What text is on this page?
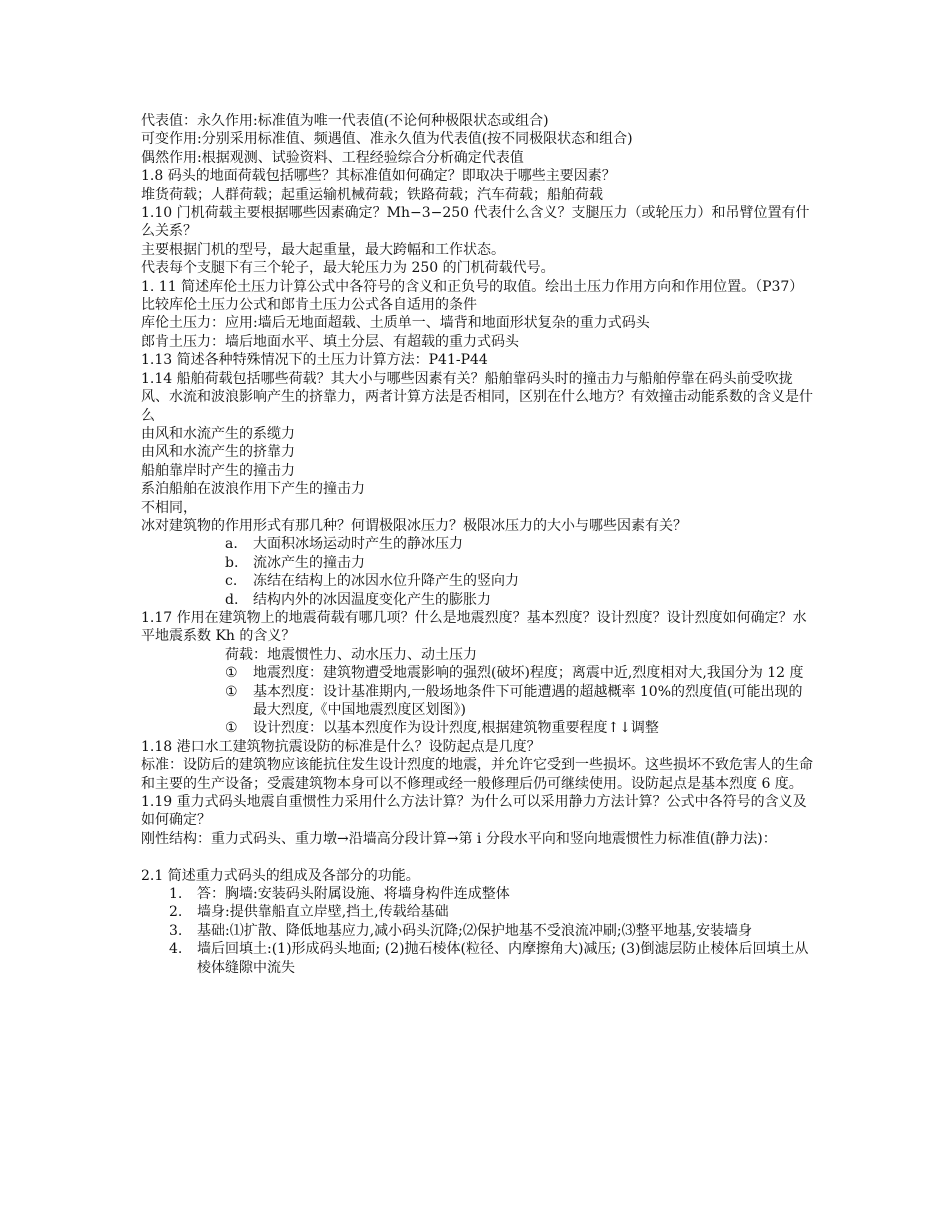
代表值：永久作用:标准值为唯一代表值(不论何种极限状态或组合)

可变作用:分别采用标准值、频遇值、准永久值为代表值(按不同极限状态和组合)

偶然作用:根据观测、试验资料、工程经验综合分析确定代表值

1.8 码头的地面荷载包括哪些？其标准值如何确定？即取决于哪些主要因素？

堆货荷载；人群荷载；起重运输机械荷载；铁路荷载；汽车荷载；船舶荷载

1.10 门机荷载主要根据哪些因素确定？Mh−3−250 代表什么含义？支腿压力（或轮压力）和吊臂位置有什么关系？

主要根据门机的型号，最大起重量，最大跨幅和工作状态。

代表每个支腿下有三个轮子，最大轮压力为 250 的门机荷载代号。

1. 11 简述库伦土压力计算公式中各符号的含义和正负号的取值。绘出土压力作用方向和作用位置。（P37）比较库伦土压力公式和郎肯土压力公式各自适用的条件

库伦土压力：应用:墙后无地面超载、土质单一、墙背和地面形状复杂的重力式码头

郎肯土压力：墙后地面水平、填土分层、有超载的重力式码头

1.13 简述各种特殊情况下的土压力计算方法：P41-P44

1.14 船舶荷载包括哪些荷载？其大小与哪些因素有关？船舶靠码头时的撞击力与船舶停靠在码头前受吹拢风、水流和波浪影响产生的挤靠力，两者计算方法是否相同，区别在什么地方？有效撞击动能系数的含义是什么

由风和水流产生的系缆力

由风和水流产生的挤靠力

船舶靠岸时产生的撞击力

系泊船舶在波浪作用下产生的撞击力

不相同，

冰对建筑物的作用形式有那几种？何谓极限冰压力？极限冰压力的大小与哪些因素有关？

a.	大面积冰场运动时产生的静冰压力
b.	流冰产生的撞击力
c.	冻结在结构上的冰因水位升降产生的竖向力
d.	结构内外的冰因温度变化产生的膨胀力

1.17 作用在建筑物上的地震荷载有哪几项？什么是地震烈度？基本烈度？设计烈度？设计烈度如何确定？水平地震系数 Kh 的含义？

荷载：地震惯性力、动水压力、动土压力

①	地震烈度：建筑物遭受地震影响的强烈(破坏)程度；离震中近,烈度相对大,我国分为 12 度
①	基本烈度：设计基准期内,一般场地条件下可能遭遇的超越概率 10%的烈度值(可能出现的最大烈度,《中国地震烈度区划图》)
①	设计烈度：以基本烈度作为设计烈度,根据建筑物重要程度↑↓调整

1.18 港口水工建筑物抗震设防的标准是什么？设防起点是几度？

标准：设防后的建筑物应该能抗住发生设计烈度的地震，并允许它受到一些损坏。这些损坏不致危害人的生命和主要的生产设备；受震建筑物本身可以不修理或经一般修理后仍可继续使用。设防起点是基本烈度 6 度。

1.19 重力式码头地震自重惯性力采用什么方法计算？为什么可以采用静力方法计算？公式中各符号的含义及如何确定？

刚性结构：重力式码头、重力墩→沿墙高分段计算→第 i 分段水平向和竖向地震惯性力标准值(静力法)：

2.1 简述重力式码头的组成及各部分的功能。

1.	答：胸墙:安装码头附属设施、将墙身构件连成整体
2.	墙身:提供靠船直立岸壁,挡土,传载给基础
3.	基础:⑴扩散、降低地基应力,减小码头沉降;⑵保护地基不受浪流冲刷;⑶整平地基,安装墙身
4.	墙后回填土:(1)形成码头地面; (2)抛石棱体(粒径、内摩擦角大)减压; (3)倒滤层防止棱体后回填土从棱体缝隙中流失
